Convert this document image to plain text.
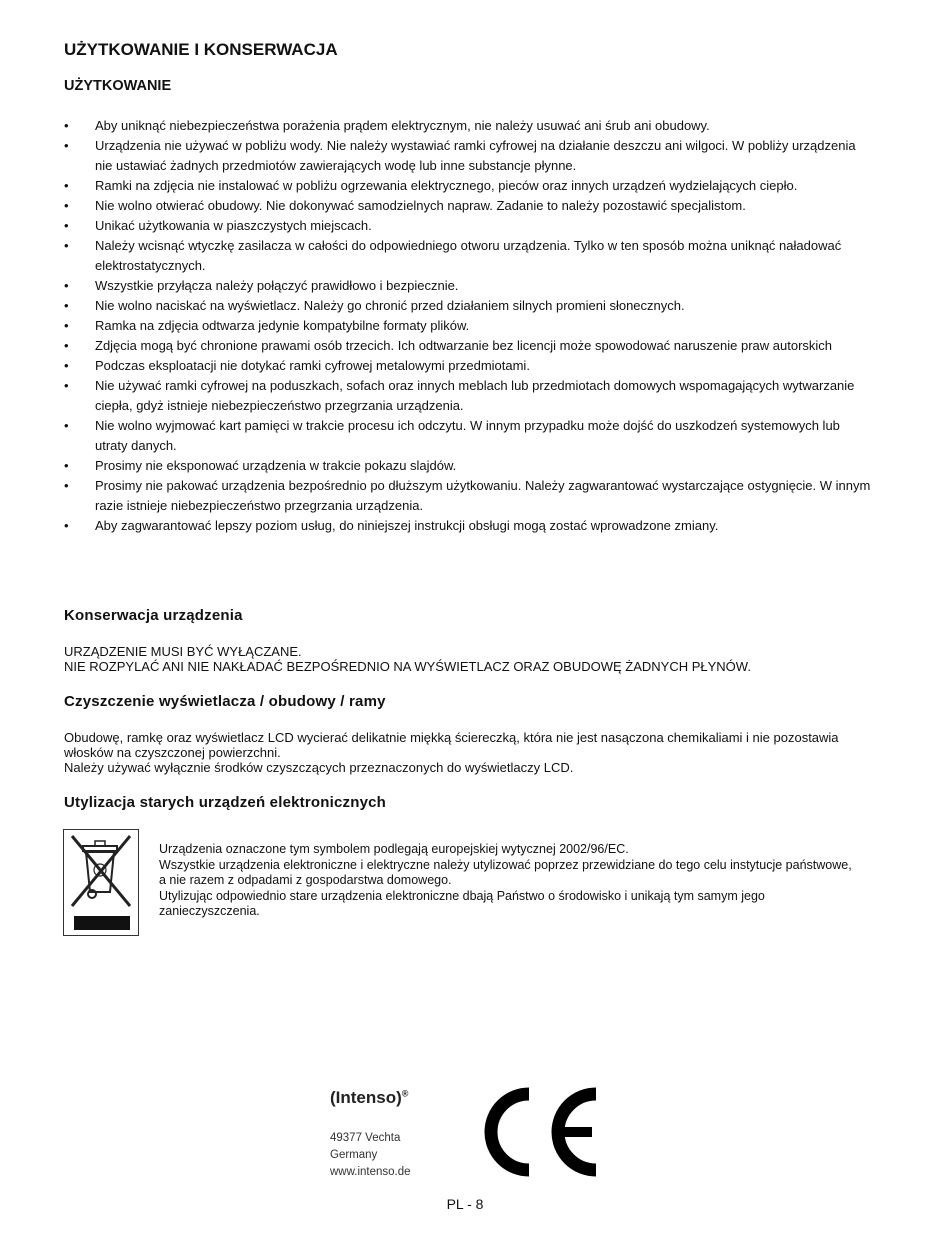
UŻYTKOWANIE I KONSERWACJA
UŻYTKOWANIE
• Aby uniknąć niebezpieczeństwa porażenia prądem elektrycznym, nie należy usuwać ani śrub ani obudowy.
• Urządzenia nie używać w pobliżu wody. Nie należy wystawiać ramki cyfrowej na działanie deszczu ani wilgoci. W pobliży urządzenia nie ustawiać żadnych przedmiotów zawierających wodę lub inne substancje płynne.
• Ramki na zdjęcia nie instalować w pobliżu ogrzewania elektrycznego, pieców oraz innych urządzeń wydzielających ciepło.
• Nie wolno otwierać obudowy. Nie dokonywać samodzielnych napraw. Zadanie to należy pozostawić specjalistom.
• Unikać użytkowania w piaszczystych miejscach.
• Należy wcisnąć wtyczkę zasilacza w całości do odpowiedniego otworu urządzenia. Tylko w ten sposób można uniknąć naładować elektrostatycznych.
• Wszystkie przyłącza należy połączyć prawidłowo i bezpiecznie.
• Nie wolno naciskać na wyświetlacz. Należy go chronić przed działaniem silnych promieni słonecznych.
• Ramka na zdjęcia odtwarza jedynie kompatybilne formaty plików.
• Zdjęcia mogą być chronione prawami osób trzecich. Ich odtwarzanie bez licencji może spowodować naruszenie praw autorskich
• Podczas eksploatacji nie dotykać ramki cyfrowej metalowymi przedmiotami.
• Nie używać ramki cyfrowej na poduszkach, sofach oraz innych meblach lub przedmiotach domowych wspomagających wytwarzanie ciepła, gdyż istnieje niebezpieczeństwo przegrzania urządzenia.
• Nie wolno wyjmować kart pamięci w trakcie procesu ich odczytu. W innym przypadku może dojść do uszkodzeń systemowych lub utraty danych.
• Prosimy nie eksponować urządzenia w trakcie pokazu slajdów.
• Prosimy nie pakować urządzenia bezpośrednio po dłuższym użytkowaniu. Należy zagwarantować wystarczające ostygnięcie. W innym razie istnieje niebezpieczeństwo przegrzania urządzenia.
• Aby zagwarantować lepszy poziom usług, do niniejszej instrukcji obsługi mogą zostać wprowadzone zmiany.
Konserwacja urządzenia

URZĄDZENIE MUSI BYĆ WYŁĄCZANE.

NIE ROZPYLAĆ ANI NIE NAKŁADAĆ BEZPOŚREDNIO NA WYŚWIETLACZ ORAZ OBUDOWĘ ŻADNYCH PŁYNÓW.

Czyszczenie wyświetlacza / obudowy / ramy

Obudowę, ramkę oraz wyświetlacz LCD wycierać delikatnie miękką ściereczką, która nie jest nasączona chemikaliami i nie pozostawia włosków na czyszczonej powierzchni.

Należy używać wyłącznie środków czyszczących przeznaczonych do wyświetlaczy LCD.

Utylizacja starych urządzeń elektronicznych
Urządzenia oznaczone tym symbolem podlegają europejskiej wytycznej 2002/96/EC.
Wszystkie urządzenia elektroniczne i elektryczne należy utylizować poprzez przewidziane do tego celu instytucje państwowe, a nie razem z odpadami z gospodarstwa domowego.
Utylizując odpowiednio stare urządzenia elektroniczne dbają Państwo o środowisko i unikają tym samym jego zanieczyszczenia.
(Intenso)®
49377 Vechta
Germany
www.intenso.de
PL - 8
